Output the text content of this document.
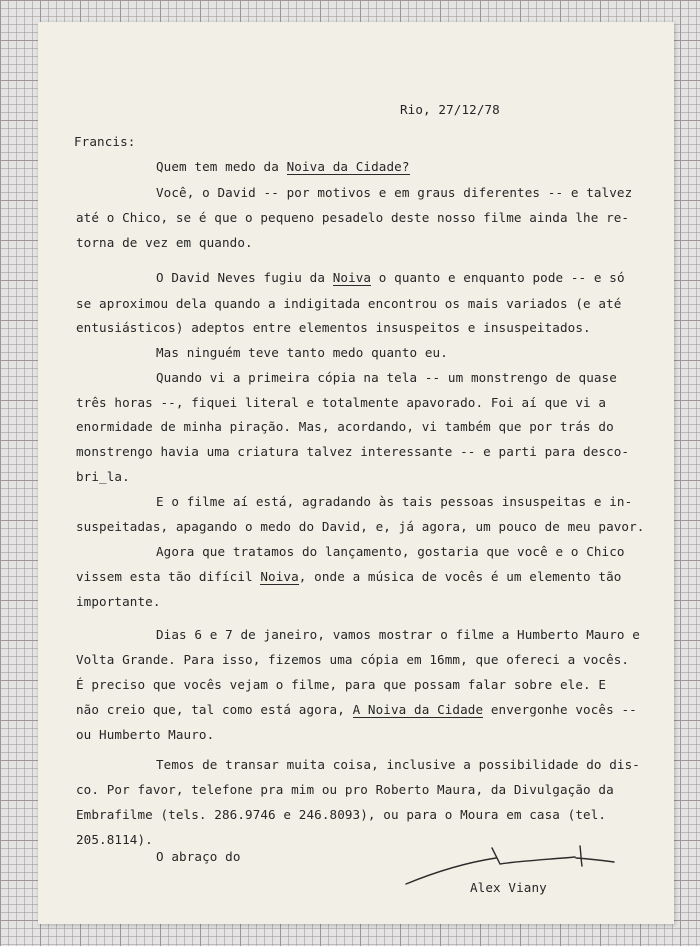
Rio, 27/12/78
Francis:
Quem tem medo da Noiva da Cidade?
Você, o David -- por motivos e em graus diferentes -- e talvez
até o Chico, se é que o pequeno pesadelo deste nosso filme ainda lhe re-
torna de vez em quando.
O David Neves fugiu da Noiva o quanto e enquanto pode -- e só
se aproximou dela quando a indigitada encontrou os mais variados (e até
entusiásticos) adeptos entre elementos insuspeitos e insuspeitados.
Mas ninguém teve tanto medo quanto eu.
Quando vi a primeira cópia na tela -- um monstrengo de quase
três horas --, fiquei literal e totalmente apavorado. Foi aí que vi a
enormidade de minha piração. Mas, acordando, vi também que por trás do
monstrengo havia uma criatura talvez interessante -- e parti para desco-
bri_la.
E o filme aí está, agradando às tais pessoas insuspeitas e in-
suspeitadas, apagando o medo do David, e, já agora, um pouco de meu pavor.
Agora que tratamos do lançamento, gostaria que você e o Chico
vissem esta tão difícil Noiva, onde a música de vocês é um elemento tão
importante.
Dias 6 e 7 de janeiro, vamos mostrar o filme a Humberto Mauro e
Volta Grande. Para isso, fizemos uma cópia em 16mm, que ofereci a vocês.
É preciso que vocês vejam o filme, para que possam falar sobre ele. E
não creio que, tal como está agora, A Noiva da Cidade envergonhe vocês --
ou Humberto Mauro.
Temos de transar muita coisa, inclusive a possibilidade do dis-
co. Por favor, telefone pra mim ou pro Roberto Maura, da Divulgação da
Embrafilme (tels. 286.9746 e 246.8093), ou para o Moura em casa (tel.
205.8114).
O abraço do
Alex Viany
